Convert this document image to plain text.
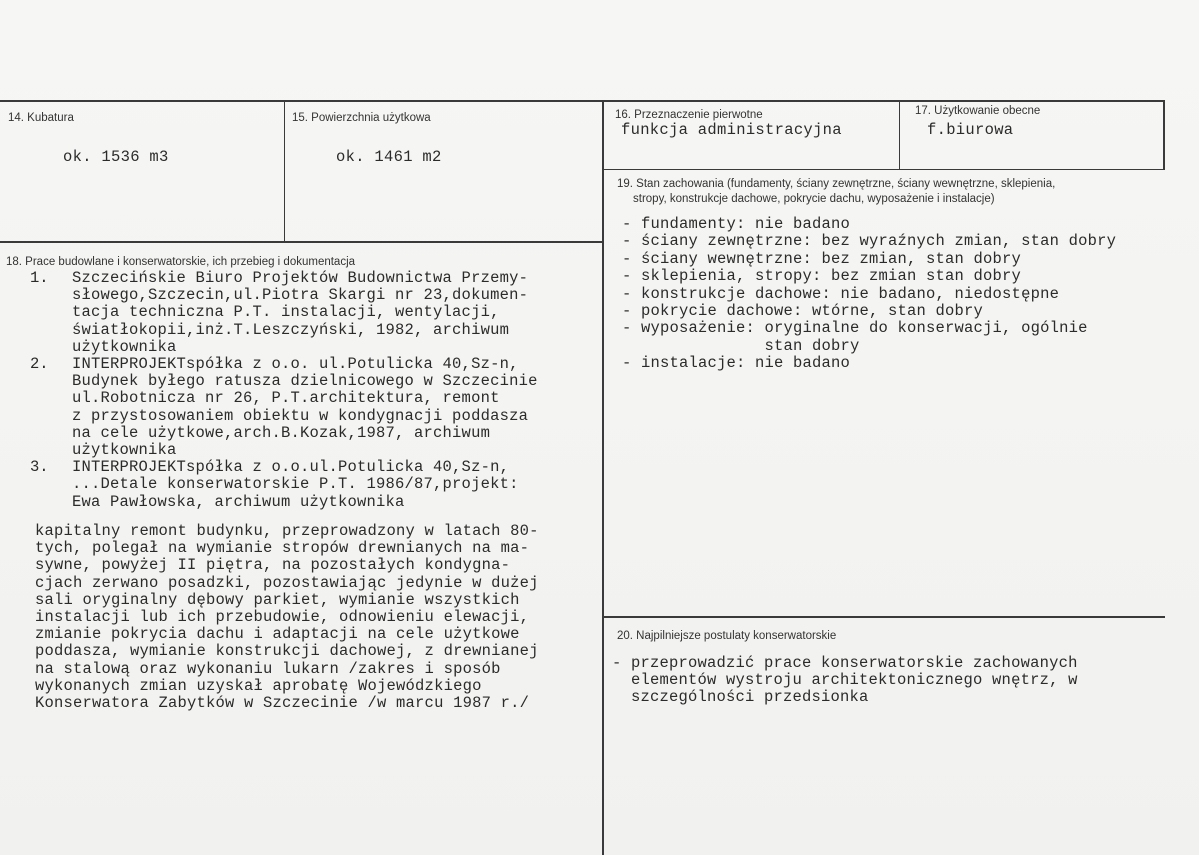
14. Kubatura
ok. 1536 m3
15. Powierzchnia użytkowa
ok. 1461 m2
16. Przeznaczenie pierwotne
funkcja administracyjna
17. Użytkowanie obecne
f.biurowa
19. Stan zachowania (fundamenty, ściany zewnętrzne, ściany wewnętrzne, sklepienia,
stropy, konstrukcje dachowe, pokrycie dachu, wyposażenie i instalacje)
- fundamenty: nie badano
- ściany zewnętrzne: bez wyraźnych zmian, stan dobry
- ściany wewnętrzne: bez zmian, stan dobry
- sklepienia, stropy: bez zmian stan dobry
- konstrukcje dachowe: nie badano, niedostępne
- pokrycie dachowe: wtórne, stan dobry
- wyposażenie: oryginalne do konserwacji, ogólnie
stan dobry
- instalacje: nie badano
18. Prace budowlane i konserwatorskie, ich przebieg i dokumentacja
1. Szczecińskie Biuro Projektów Budownictwa Przemy-
słowego,Szczecin,ul.Piotra Skargi nr 23,dokumen-
tacja techniczna P.T. instalacji, wentylacji,
światłokopii,inż.T.Leszczyński, 1982, archiwum
użytkownika
2. INTERPROJEKTspółka z o.o. ul.Potulicka 40,Sz-n,
Budynek byłego ratusza dzielnicowego w Szczecinie
ul.Robotnicza nr 26, P.T.architektura, remont
z przystosowaniem obiektu w kondygnacji poddasza
na cele użytkowe,arch.B.Kozak,1987, archiwum
użytkownika
3. INTERPROJEKTspółka z o.o.ul.Potulicka 40,Sz-n,
...Detale konserwatorskie P.T. 1986/87,projekt:
Ewa Pawłowska, archiwum użytkownika
kapitalny remont budynku, przeprowadzony w latach 80-
tych, polegał na wymianie stropów drewnianych na ma-
sywne, powyżej II piętra, na pozostałych kondygna-
cjach zerwano posadzki, pozostawiając jedynie w dużej
sali oryginalny dębowy parkiet, wymianie wszystkich
instalacji lub ich przebudowie, odnowieniu elewacji,
zmianie pokrycia dachu i adaptacji na cele użytkowe
poddasza, wymianie konstrukcji dachowej, z drewnianej
na stalową oraz wykonaniu lukarn /zakres i sposób
wykonanych zmian uzyskał aprobatę Wojewódzkiego
Konserwatora Zabytków w Szczecinie /w marcu 1987 r./
20. Najpilniejsze postulaty konserwatorskie
- przeprowadzić prace konserwatorskie zachowanych
elementów wystroju architektonicznego wnętrz, w
szczególności przedsionka
